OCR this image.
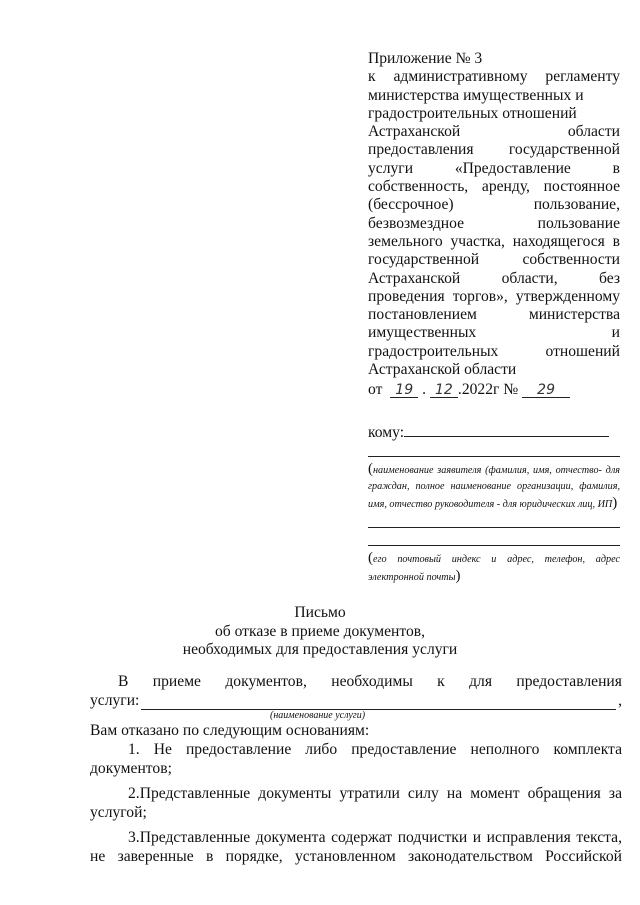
Приложение № 3
к административному регламенту
министерства имущественных и
градостроительных отношений
Астраханской области
предоставления государственной
услуги «Предоставление в
собственность, аренду, постоянное
(бессрочное) пользование,
безвозмездное пользование
земельного участка, находящегося в
государственной собственности
Астраханской области, без
проведения торгов», утвержденному
постановлением министерства
имущественных и
градостроительных отношений
Астраханской области
от 19 . 12 .2022г № 29
кому:
(наименование заявителя (фамилия, имя, отчество- для граждан, полное наименование организации, фамилия, имя, отчество руководителя - для юридических лиц, ИП)
(его почтовый индекс и адрес, телефон, адрес электронной почты)
Письмо
об отказе в приеме документов,
необходимых для предоставления услуги
В приеме документов, необходимы к для предоставления
услуги:	,
(наименование услуги)
Вам отказано по следующим основаниям:
1. Не предоставление либо предоставление неполного комплекта документов;
2.Представленные документы утратили силу на момент обращения за услугой;
3.Представленные документа содержат подчистки и исправления текста, не заверенные в порядке, установленном законодательством Российской
